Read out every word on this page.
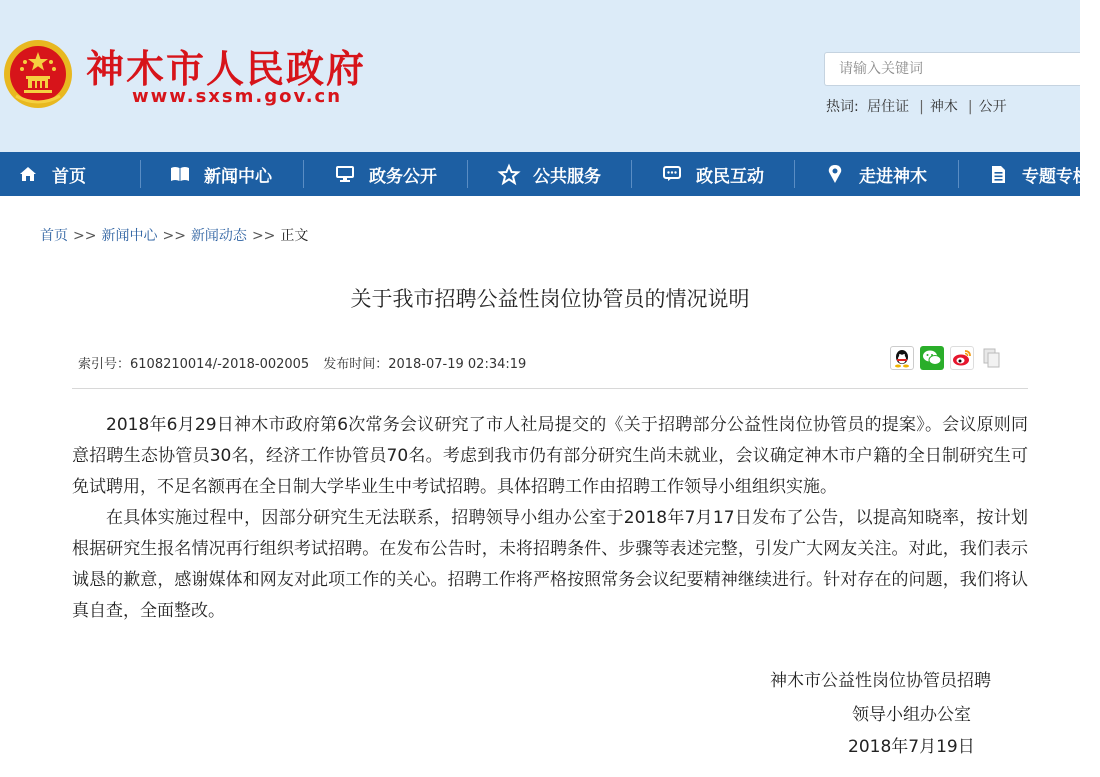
神木市人民政府
www.sxsm.gov.cn
请输入关键词	热词: 居住证 | 神木 | 公开
首页	新闻中心	政务公开	公共服务	政民互动	走进神木	专题专栏
首页 >> 新闻中心 >> 新闻动态 >> 正文
关于我市招聘公益性岗位协管员的情况说明
索引号：6108210014/-2018-002005 发布时间：2018-07-19 02:34:19

2018年6月29日神木市政府第6次常务会议研究了市人社局提交的《关于招聘部分公益性岗位协管员的提案》。会议原则同意招聘生态协管员30名，经济工作协管员70名。考虑到我市仍有部分研究生尚未就业，会议确定神木市户籍的全日制研究生可免试聘用，不足名额再在全日制大学毕业生中考试招聘。具体招聘工作由招聘工作领导小组组织实施。

在具体实施过程中，因部分研究生无法联系，招聘领导小组办公室于2018年7月17日发布了公告，以提高知晓率，按计划根据研究生报名情况再行组织考试招聘。在发布公告时，未将招聘条件、步骤等表述完整，引发广大网友关注。对此，我们表示诚恳的歉意，感谢媒体和网友对此项工作的关心。招聘工作将严格按照常务会议纪要精神继续进行。针对存在的问题，我们将认真自查，全面整改。

神木市公益性岗位协管员招聘
领导小组办公室
2018年7月19日
